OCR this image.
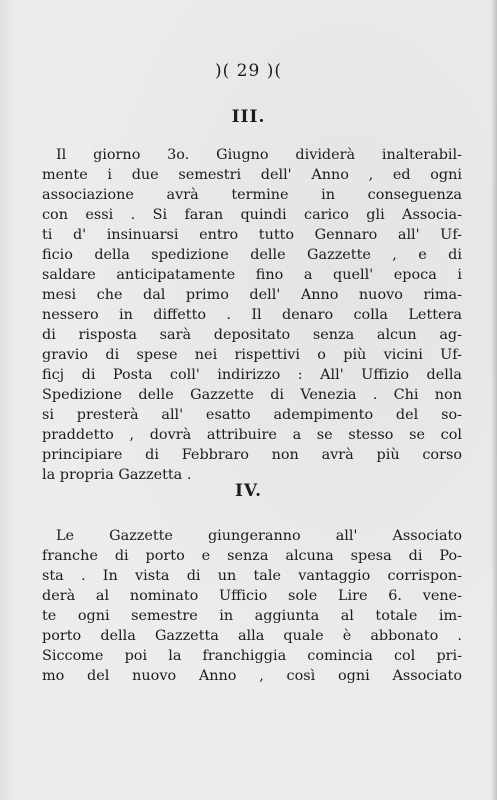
)( 29 )(
III.
Il giorno 3o. Giugno dividerà inalterabil-
mente i due semestri dell' Anno , ed ogni
associazione avrà termine in conseguenza
con essi . Si faran quindi carico gli Associa-
ti d' insinuarsi entro tutto Gennaro all' Uf-
ficio della spedizione delle Gazzette , e di
saldare anticipatamente fino a quell' epoca i
mesi che dal primo dell' Anno nuovo rima-
nessero in diffetto . Il denaro colla Lettera
di risposta sarà depositato senza alcun ag-
gravio di spese nei rispettivi o più vicini Uf-
ficj di Posta coll' indirizzo : All' Uffizio della
Spedizione delle Gazzette di Venezia . Chi non
si presterà all' esatto adempimento del so-
praddetto , dovrà attribuire a se stesso se col
principiare di Febbraro non avrà più corso
la propria Gazzetta .
IV.
Le Gazzette giungeranno all' Associato
franche di porto e senza alcuna spesa di Po-
sta . In vista di un tale vantaggio corrispon-
derà al nominato Ufficio sole Lire 6. vene-
te ogni semestre in aggiunta al totale im-
porto della Gazzetta alla quale è abbonato .
Siccome poi la franchiggia comincia col pri-
mo del nuovo Anno , così ogni Associato
